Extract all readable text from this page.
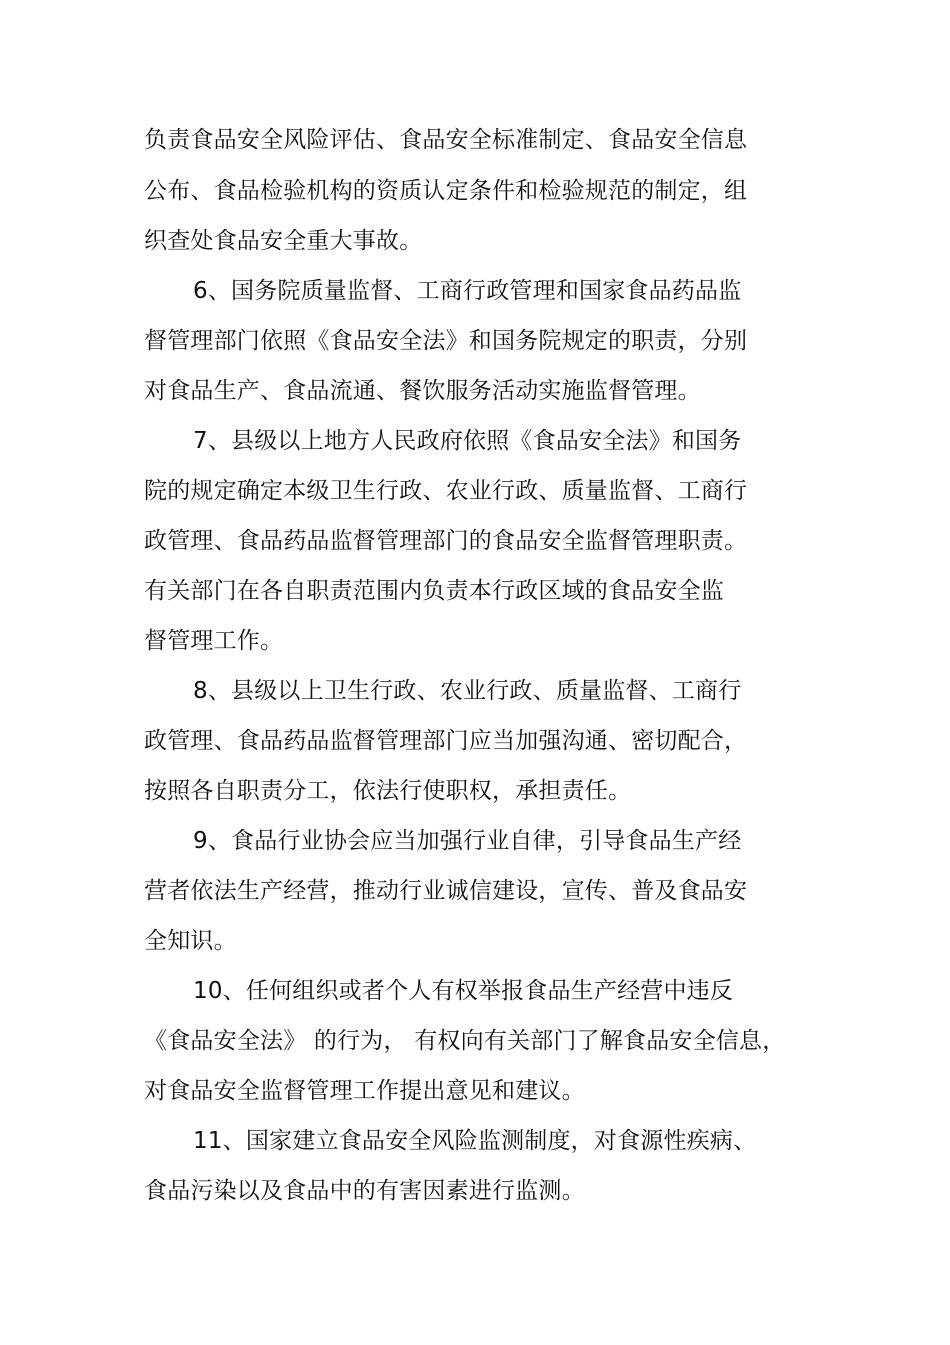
负责食品安全风险评估、食品安全标准制定、食品安全信息
公布、食品检验机构的资质认定条件和检验规范的制定，组
织查处食品安全重大事故。
6、国务院质量监督、工商行政管理和国家食品药品监
督管理部门依照《食品安全法》和国务院规定的职责，分别
对食品生产、食品流通、餐饮服务活动实施监督管理。
7、县级以上地方人民政府依照《食品安全法》和国务
院的规定确定本级卫生行政、农业行政、质量监督、工商行
政管理、食品药品监督管理部门的食品安全监督管理职责。
有关部门在各自职责范围内负责本行政区域的食品安全监
督管理工作。
8、县级以上卫生行政、农业行政、质量监督、工商行
政管理、食品药品监督管理部门应当加强沟通、密切配合，
按照各自职责分工，依法行使职权，承担责任。
9、食品行业协会应当加强行业自律，引导食品生产经
营者依法生产经营，推动行业诚信建设，宣传、普及食品安
全知识。
10、任何组织或者个人有权举报食品生产经营中违反
《食品安全法》 的行为， 有权向有关部门了解食品安全信息，
对食品安全监督管理工作提出意见和建议。
11、国家建立食品安全风险监测制度，对食源性疾病、
食品污染以及食品中的有害因素进行监测。
